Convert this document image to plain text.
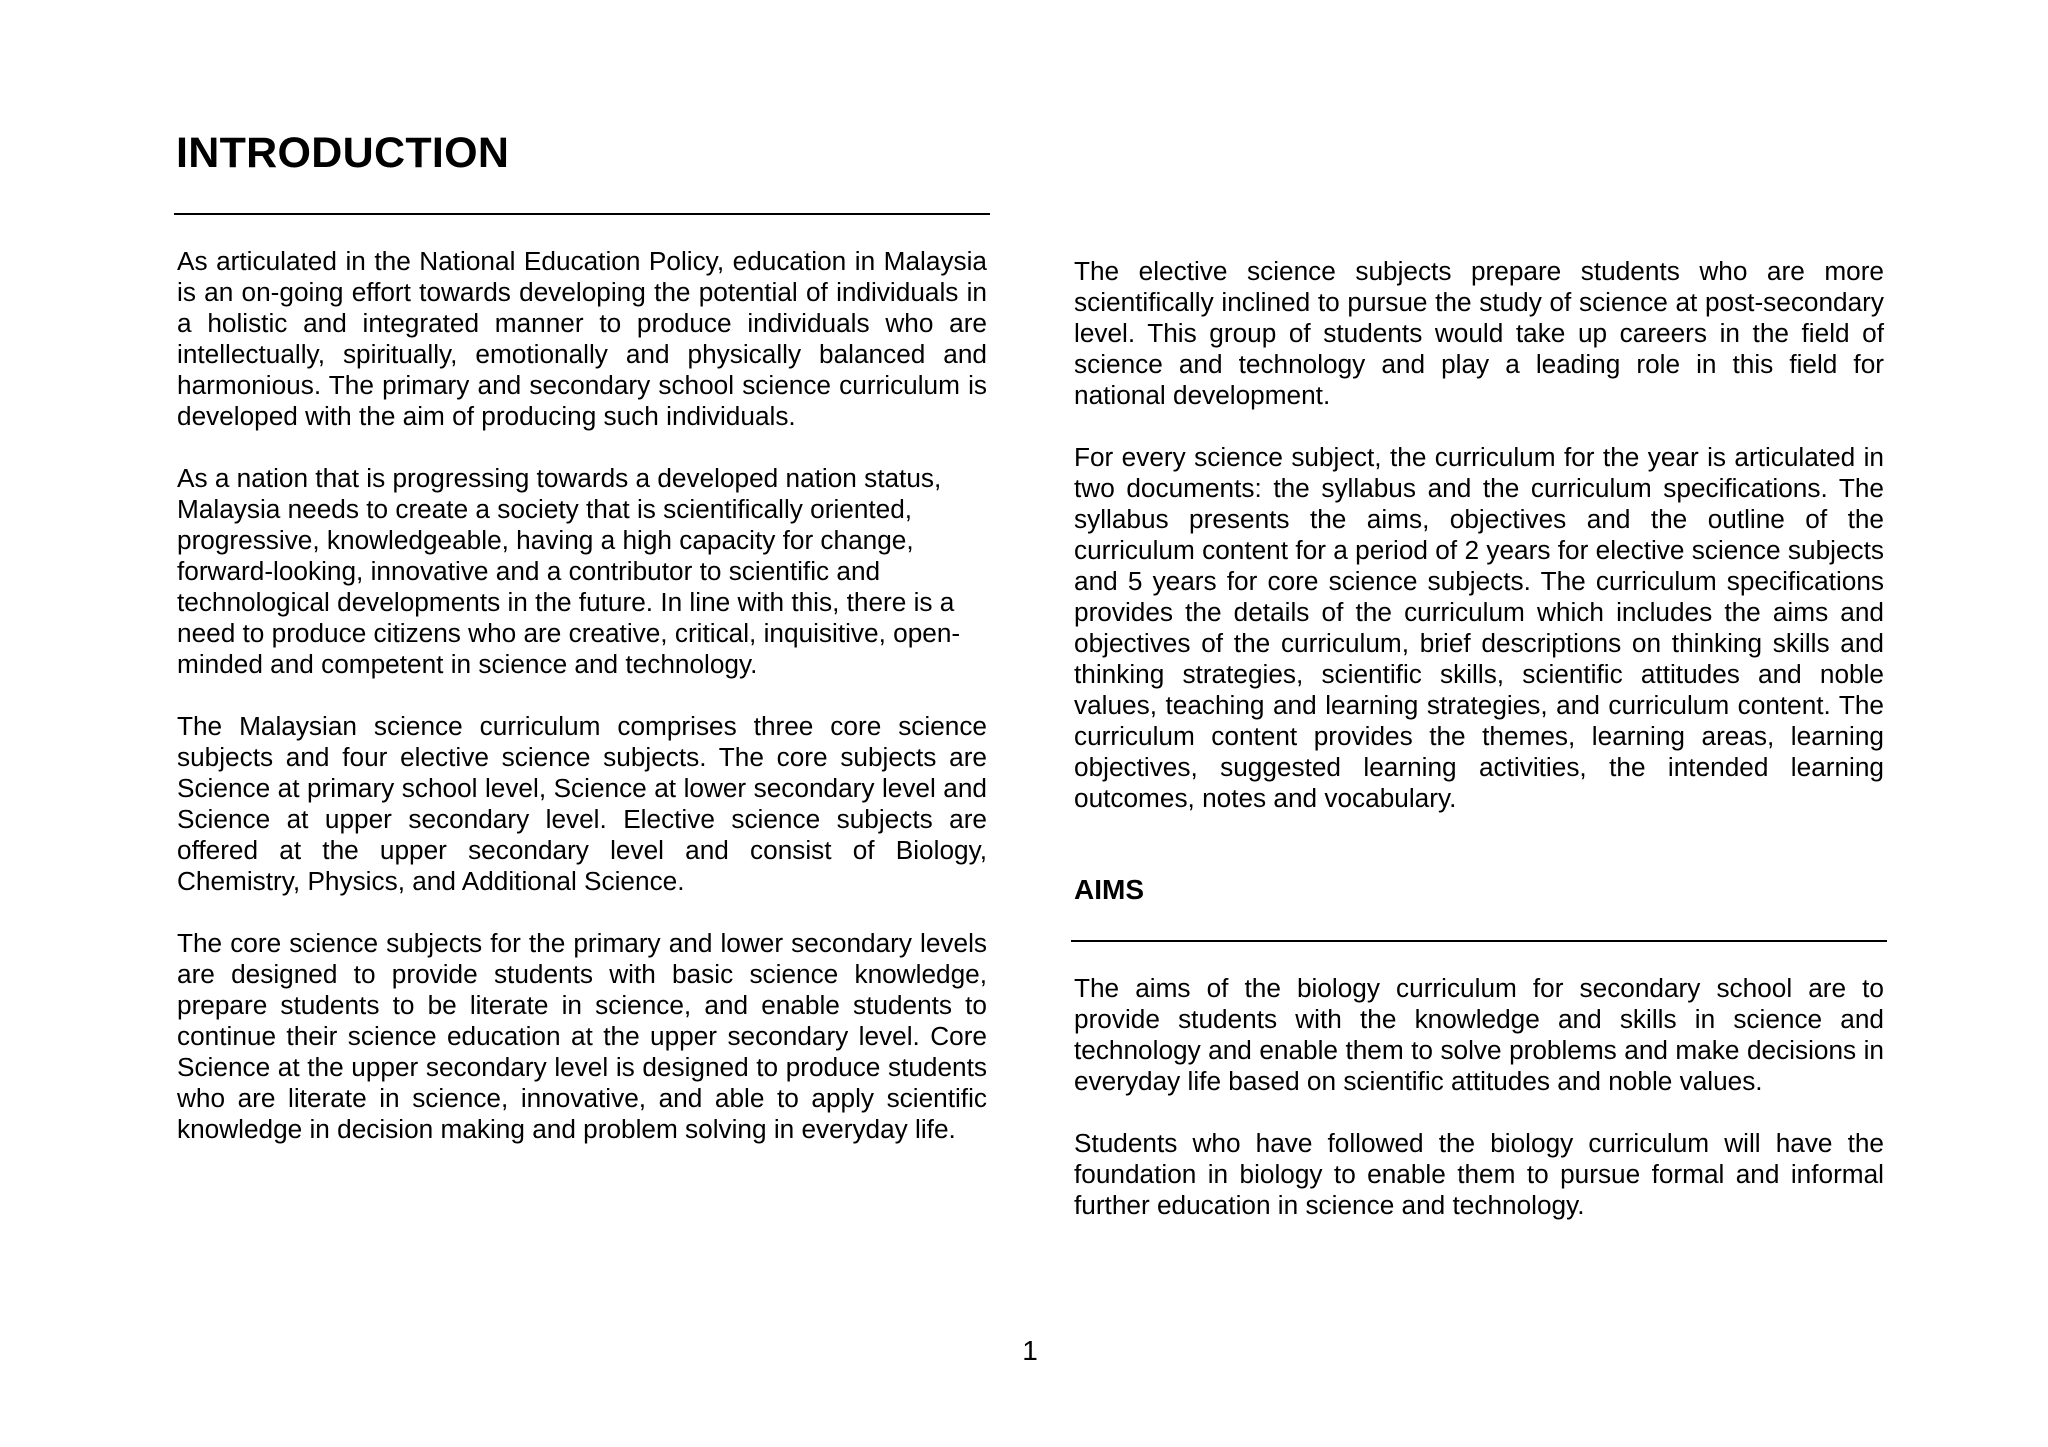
INTRODUCTION

As articulated in the National Education Policy, education in Malaysia is an on-going effort towards developing the potential of individuals in a holistic and integrated manner to produce individuals who are intellectually, spiritually, emotionally and physically balanced and harmonious. The primary and secondary school science curriculum is developed with the aim of producing such individuals.

As a nation that is progressing towards a developed nation status, Malaysia needs to create a society that is scientifically oriented, progressive, knowledgeable, having a high capacity for change, forward-looking, innovative and a contributor to scientific and technological developments in the future. In line with this, there is a need to produce citizens who are creative, critical, inquisitive, open-minded and competent in science and technology.

The Malaysian science curriculum comprises three core science subjects and four elective science subjects. The core subjects are Science at primary school level, Science at lower secondary level and Science at upper secondary level. Elective science subjects are offered at the upper secondary level and consist of Biology, Chemistry, Physics, and Additional Science.

The core science subjects for the primary and lower secondary levels are designed to provide students with basic science knowledge, prepare students to be literate in science, and enable students to continue their science education at the upper secondary level. Core Science at the upper secondary level is designed to produce students who are literate in science, innovative, and able to apply scientific knowledge in decision making and problem solving in everyday life.

The elective science subjects prepare students who are more scientifically inclined to pursue the study of science at post-secondary level. This group of students would take up careers in the field of science and technology and play a leading role in this field for national development.

For every science subject, the curriculum for the year is articulated in two documents: the syllabus and the curriculum specifications. The syllabus presents the aims, objectives and the outline of the curriculum content for a period of 2 years for elective science subjects and 5 years for core science subjects. The curriculum specifications provides the details of the curriculum which includes the aims and objectives of the curriculum, brief descriptions on thinking skills and thinking strategies, scientific skills, scientific attitudes and noble values, teaching and learning strategies, and curriculum content. The curriculum content provides the themes, learning areas, learning objectives, suggested learning activities, the intended learning outcomes, notes and vocabulary.

AIMS

The aims of the biology curriculum for secondary school are to provide students with the knowledge and skills in science and technology and enable them to solve problems and make decisions in everyday life based on scientific attitudes and noble values.

Students who have followed the biology curriculum will have the foundation in biology to enable them to pursue formal and informal further education in science and technology.

1
